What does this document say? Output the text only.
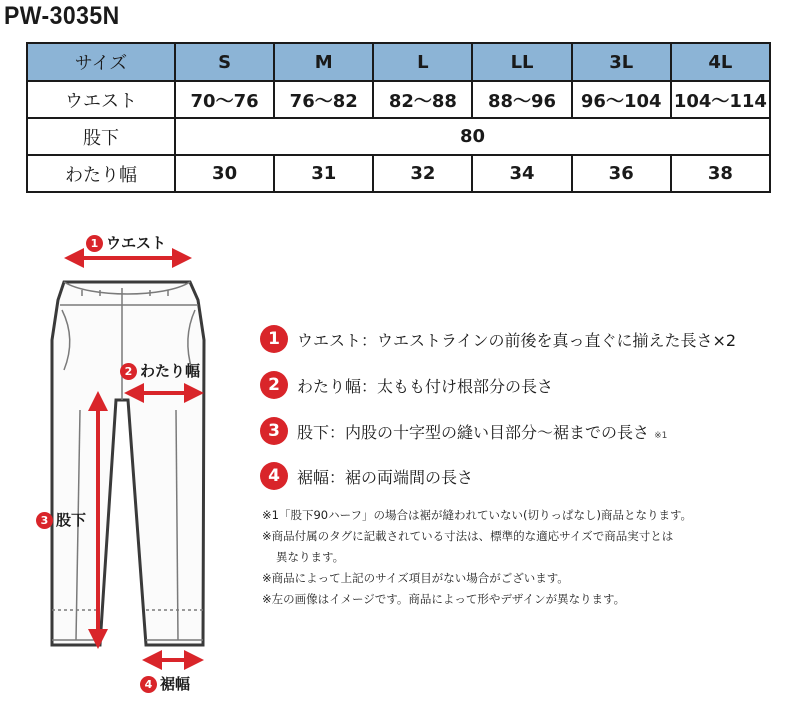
PW-3035N
サイズ	S	M	L	LL	3L	4L
ウエスト	70〜76	76〜82	82〜88	88〜96	96〜104	104〜114
股下	80					
わたり幅	30	31	32	34	36	38
1 ウエスト
2 わたり幅
3 股下
4 裾幅
1	ウエスト：ウエストラインの前後を真っ直ぐに揃えた長さ×2
2	わたり幅：太もも付け根部分の長さ
3	股下：内股の十字型の縫い目部分〜裾までの長さ ※1
4	裾幅：裾の両端間の長さ
※1「股下90ハーフ」の場合は裾が縫われていない(切りっぱなし)商品となります。
※商品付属のタグに記載されている寸法は、標準的な適応サイズで商品実寸とは
異なります。
※商品によって上記のサイズ項目がない場合がございます。
※左の画像はイメージです。商品によって形やデザインが異なります。
